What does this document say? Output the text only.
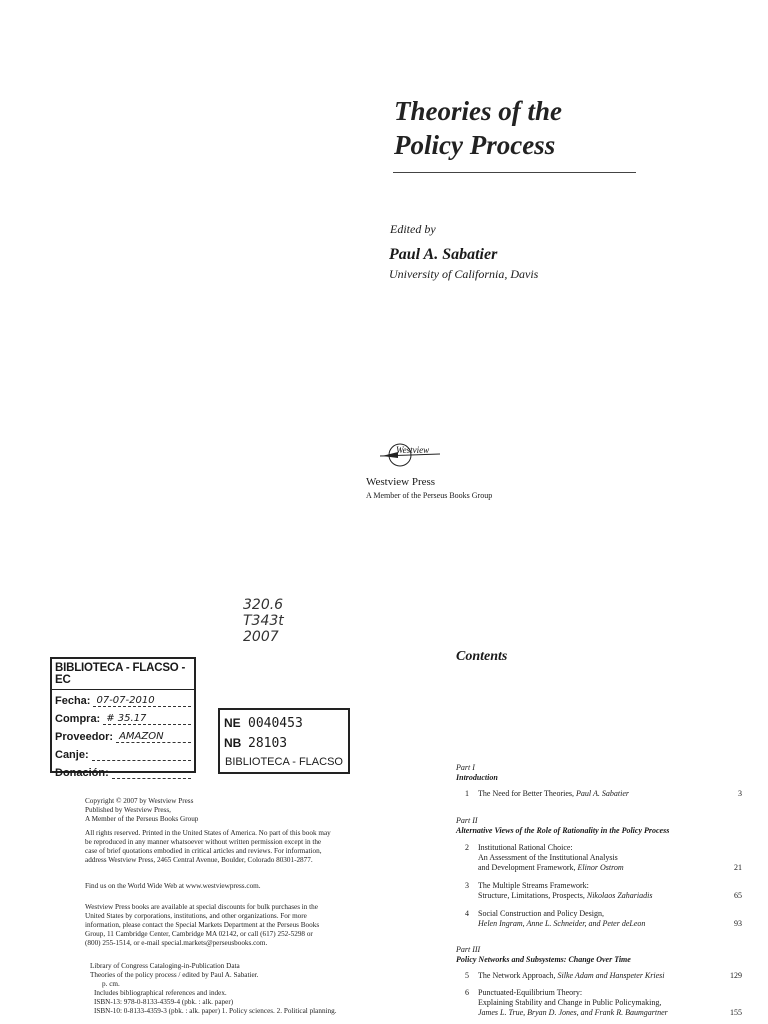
Theories of the
Policy Process
Edited by
Paul A. Sabatier
University of California, Davis
Westview
Westview Press
A Member of the Perseus Books Group
320.6
T343t
2007
BIBLIOTECA - FLACSO - EC
Fecha: 07-07-2010
Compra: # 35.17
Proveedor: AMAZON
Canje:
Donación:
NE 0040453
NB 28103
BIBLIOTECA - FLACSO
Copyright © 2007 by Westview Press
Published by Westview Press,
A Member of the Perseus Books Group
All rights reserved. Printed in the United States of America. No part of this book may
be reproduced in any manner whatsoever without written permission except in the
case of brief quotations embodied in critical articles and reviews. For information,
address Westview Press, 2465 Central Avenue, Boulder, Colorado 80301-2877.
Find us on the World Wide Web at www.westviewpress.com.
Westview Press books are available at special discounts for bulk purchases in the
United States by corporations, institutions, and other organizations. For more
information, please contact the Special Markets Department at the Perseus Books
Group, 11 Cambridge Center, Cambridge MA 02142, or call (617) 252-5298 or
(800) 255-1514, or e-mail special.markets@perseusbooks.com.
Library of Congress Cataloging-in-Publication Data
Theories of the policy process / edited by Paul A. Sabatier.
p. cm.
Includes bibliographical references and index.
ISBN-13: 978-0-8133-4359-4 (pbk. : alk. paper)
ISBN-10: 0-8133-4359-3 (pbk. : alk. paper) 1. Policy sciences. 2. Political planning.
Contents
Part I
Introduction
1	The Need for Better Theories, Paul A. Sabatier	3
Part II
Alternative Views of the Role of Rationality in the Policy Process
2	Institutional Rational Choice:
An Assessment of the Institutional Analysis
and Development Framework, Elinor Ostrom	21
3	The Multiple Streams Framework:
Structure, Limitations, Prospects, Nikolaos Zahariadis	65
4	Social Construction and Policy Design,
Helen Ingram, Anne L. Schneider, and Peter deLeon	93
Part III
Policy Networks and Subsystems: Change Over Time
5	The Network Approach, Silke Adam and Hanspeter Kriesi	129
6	Punctuated-Equilibrium Theory:
Explaining Stability and Change in Public Policymaking,
James L. True, Bryan D. Jones, and Frank R. Baumgartner	155
